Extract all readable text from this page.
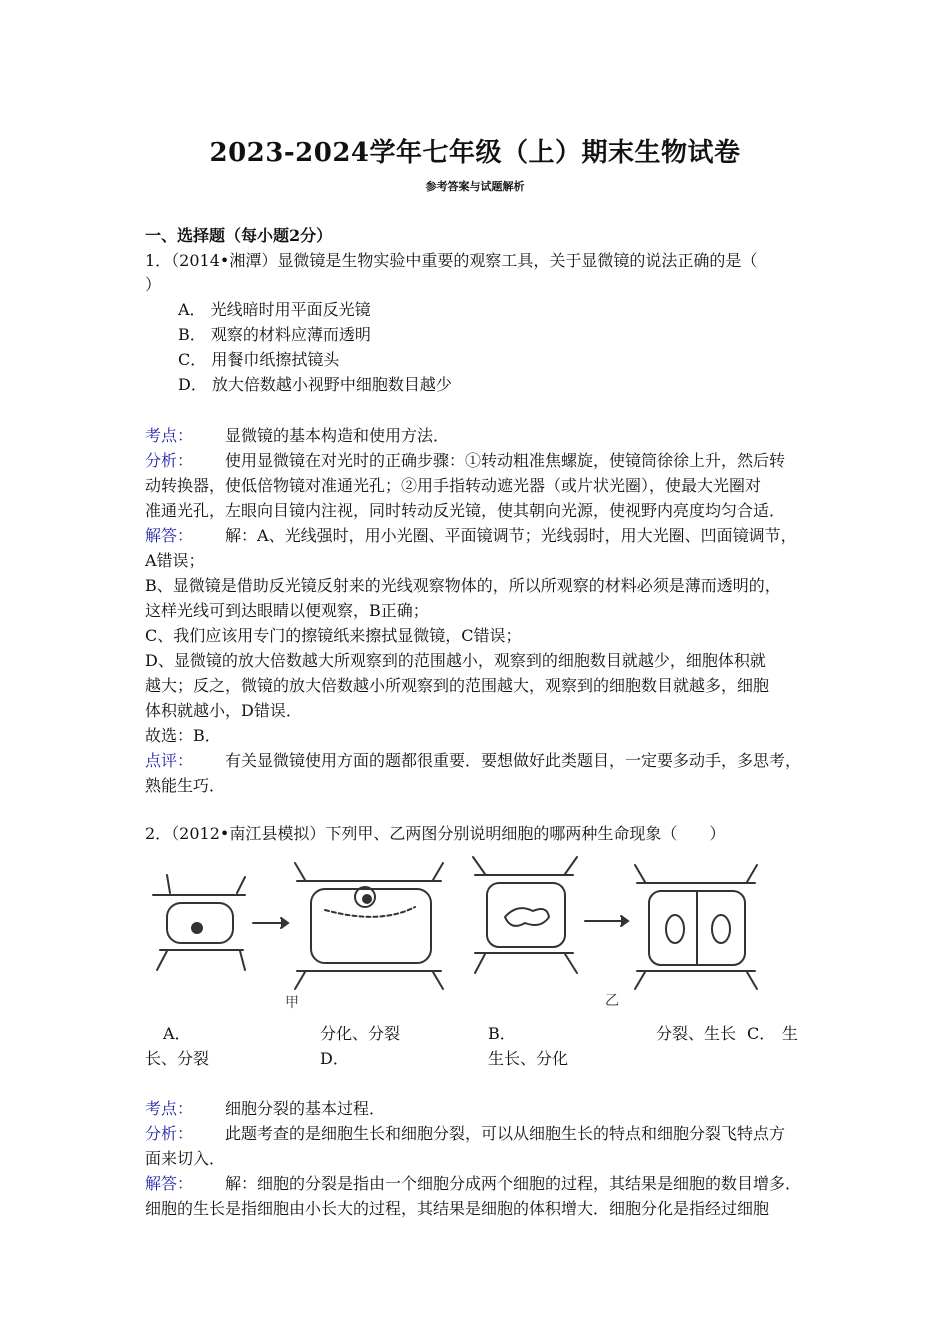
2023-2024学年七年级（上）期末生物试卷
参考答案与试题解析
一、选择题（每小题2分）
1．（2014•湘潭）显微镜是生物实验中重要的观察工具，关于显微镜的说法正确的是（
）
A． 光线暗时用平面反光镜
B． 观察的材料应薄而透明
C． 用餐巾纸擦拭镜头
D． 放大倍数越小视野中细胞数目越少
考点： 显微镜的基本构造和使用方法．
分析： 使用显微镜在对光时的正确步骤：①转动粗准焦螺旋，使镜筒徐徐上升，然后转
动转换器，使低倍物镜对准通光孔；②用手指转动遮光器（或片状光圈），使最大光圈对
准通光孔，左眼向目镜内注视，同时转动反光镜，使其朝向光源，使视野内亮度均匀合适．
解答： 解：A、光线强时，用小光圈、平面镜调节；光线弱时，用大光圈、凹面镜调节，
A错误；
B、显微镜是借助反光镜反射来的光线观察物体的，所以所观察的材料必须是薄而透明的，
这样光线可到达眼睛以便观察，B正确；
C、我们应该用专门的擦镜纸来擦拭显微镜，C错误；
D、显微镜的放大倍数越大所观察到的范围越小，观察到的细胞数目就越少，细胞体积就
越大；反之，微镜的放大倍数越小所观察到的范围越大，观察到的细胞数目就越多，细胞
体积就越小，D错误．
故选：B．
点评： 有关显微镜使用方面的题都很重要．要想做好此类题目，一定要多动手，多思考，
熟能生巧．
2．（2012•南江县模拟）下列甲、乙两图分别说明细胞的哪两种生命现象（　　）
甲	乙
A．	分化、分裂	B．	分裂、生长 C． 生
长、分裂	D．	生长、分化
考点： 细胞分裂的基本过程．
分析： 此题考查的是细胞生长和细胞分裂，可以从细胞生长的特点和细胞分裂飞特点方
面来切入．
解答： 解：细胞的分裂是指由一个细胞分成两个细胞的过程，其结果是细胞的数目增多．
细胞的生长是指细胞由小长大的过程，其结果是细胞的体积增大．细胞分化是指经过细胞
